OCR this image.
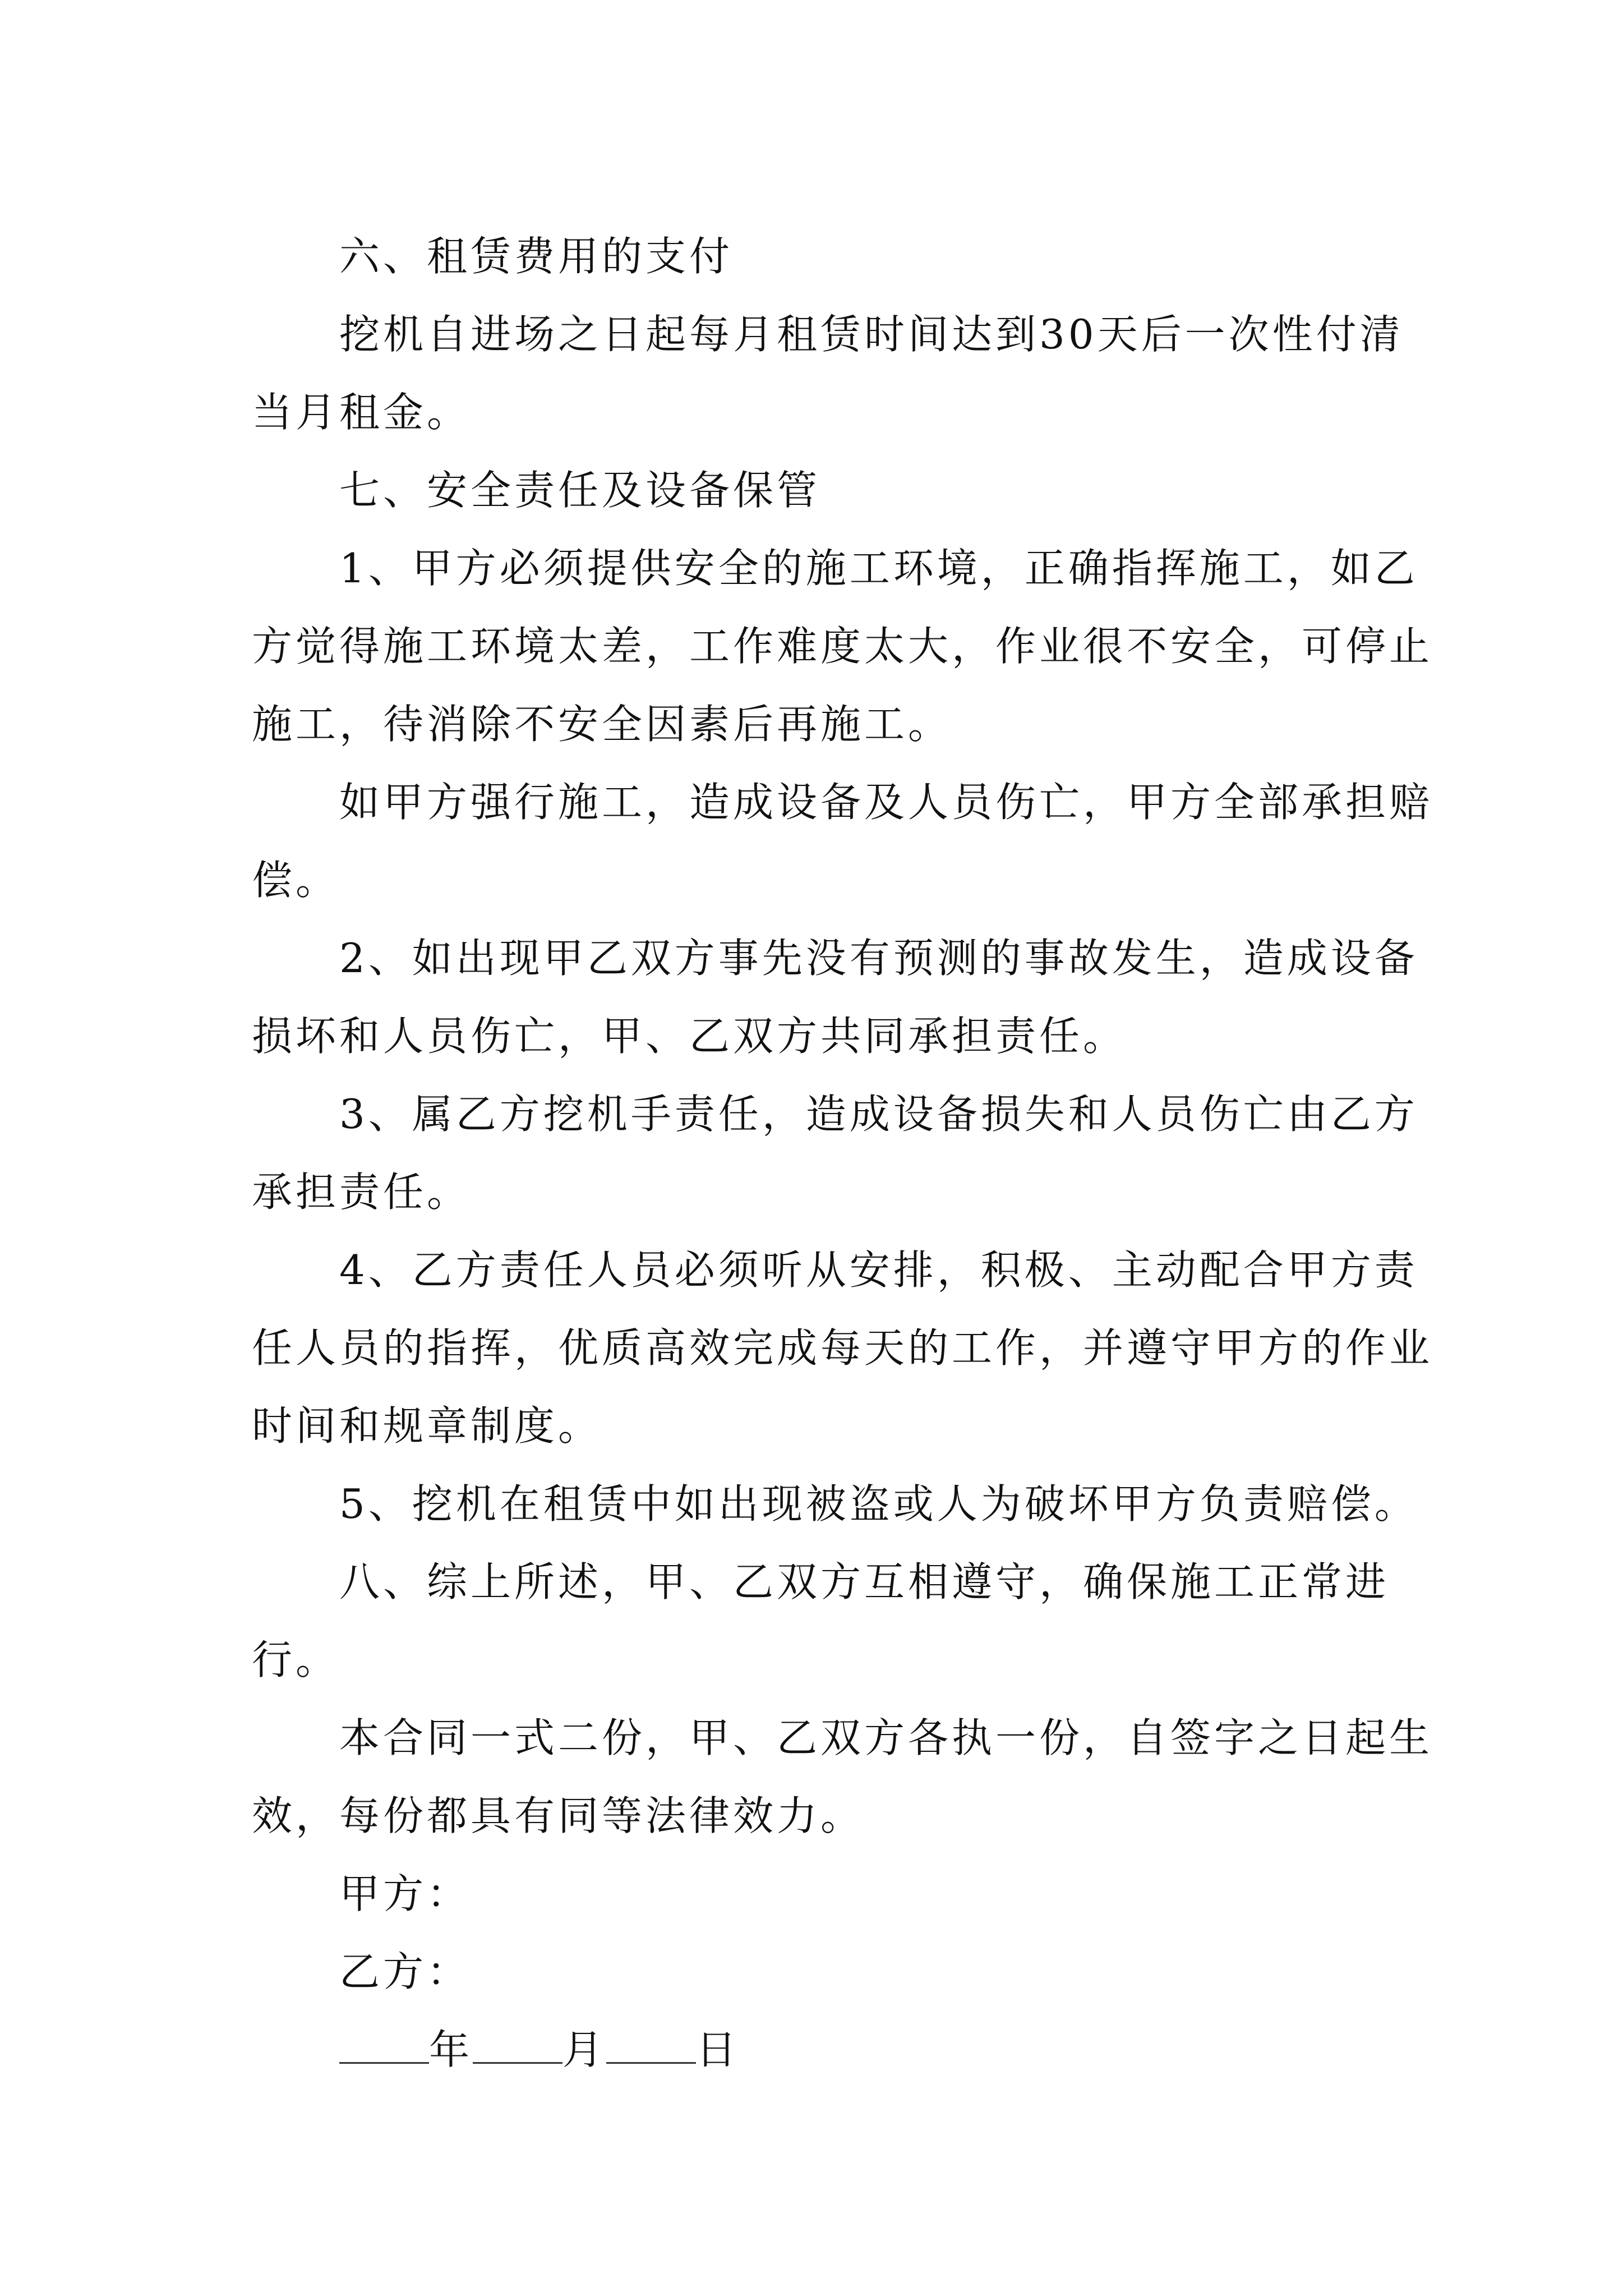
六、租赁费用的支付

挖机自进场之日起每月租赁时间达到30天后一次性付清当月租金。

七、安全责任及设备保管

1、甲方必须提供安全的施工环境，正确指挥施工，如乙方觉得施工环境太差，工作难度太大，作业很不安全，可停止施工，待消除不安全因素后再施工。

如甲方强行施工，造成设备及人员伤亡，甲方全部承担赔偿。

2、如出现甲乙双方事先没有预测的事故发生，造成设备损坏和人员伤亡，甲、乙双方共同承担责任。

3、属乙方挖机手责任，造成设备损失和人员伤亡由乙方承担责任。

4、乙方责任人员必须听从安排，积极、主动配合甲方责任人员的指挥，优质高效完成每天的工作，并遵守甲方的作业时间和规章制度。

5、挖机在租赁中如出现被盗或人为破坏甲方负责赔偿。

八、综上所述，甲、乙双方互相遵守，确保施工正常进行。

本合同一式二份，甲、乙双方各执一份，自签字之日起生效，每份都具有同等法律效力。

甲方：

乙方：

年 月 日
